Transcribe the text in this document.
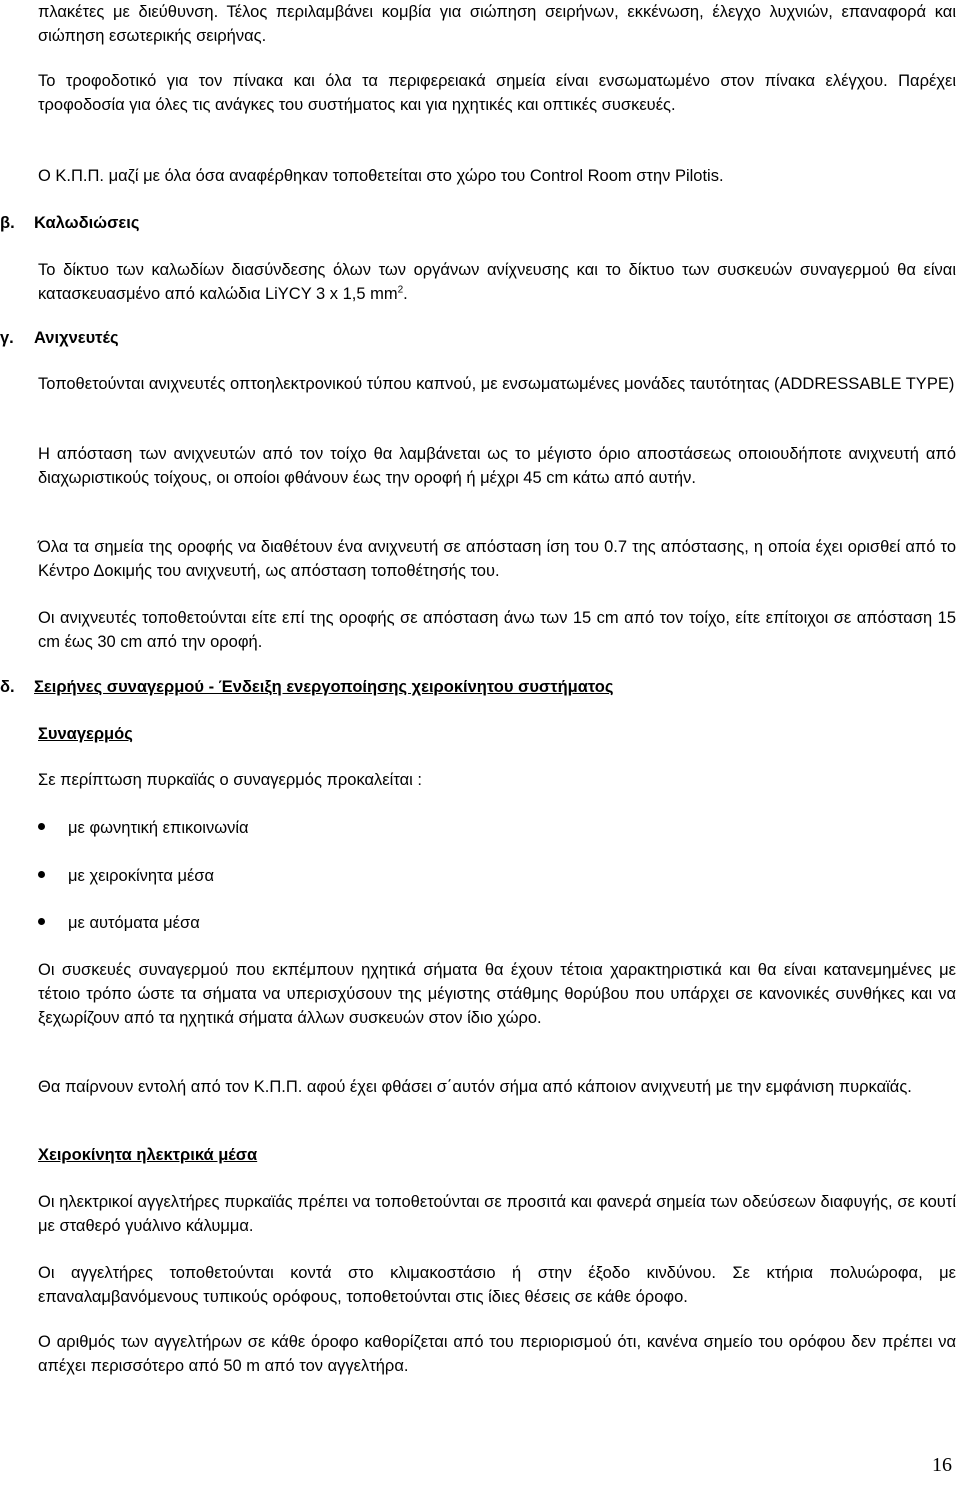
πλακέτες με διεύθυνση. Τέλος περιλαμβάνει κομβία για σιώπηση σειρήνων, εκκένωση, έλεγχο λυχνιών, επαναφορά και σιώπηση εσωτερικής σειρήνας.

Το τροφοδοτικό για τον πίνακα και όλα τα περιφερειακά σημεία είναι ενσωματωμένο στον πίνακα ελέγχου. Παρέχει τροφοδοσία για όλες τις ανάγκες του συστήματος και για ηχητικές και οπτικές συσκευές.

Ο Κ.Π.Π. μαζί με όλα όσα αναφέρθηκαν τοποθετείται στο χώρο του Control Room στην Pilotis.

β. Καλωδιώσεις

Το δίκτυο των καλωδίων διασύνδεσης όλων των οργάνων ανίχνευσης και το δίκτυο των συσκευών συναγερμού θα είναι κατασκευασμένο από καλώδια LiYCY 3 x 1,5 $mm^2$.

γ. Ανιχνευτές

Τοποθετούνται ανιχνευτές οπτοηλεκτρονικού τύπου καπνού, με ενσωματωμένες μονάδες ταυτότητας (ADDRESSABLE TYPE)

Η απόσταση των ανιχνευτών από τον τοίχο θα λαμβάνεται ως το μέγιστο όριο αποστάσεως οποιουδήποτε ανιχνευτή από διαχωριστικούς τοίχους, οι οποίοι φθάνουν έως την οροφή ή μέχρι 45 cm κάτω από αυτήν.

Όλα τα σημεία της οροφής να διαθέτουν ένα ανιχνευτή σε απόσταση ίση του 0.7 της απόστασης, η οποία έχει ορισθεί από το Κέντρο Δοκιμής του ανιχνευτή, ως απόσταση τοποθέτησής του.

Οι ανιχνευτές τοποθετούνται είτε επί της οροφής σε απόσταση άνω των 15 cm από τον τοίχο, είτε επίτοιχοι σε απόσταση 15 cm έως 30 cm από την οροφή.

δ. Σειρήνες συναγερμού - Ένδειξη ενεργοποίησης χειροκίνητου συστήματος

Συναγερμός

Σε περίπτωση πυρκαϊάς ο συναγερμός προκαλείται :

με φωνητική επικοινωνία

με χειροκίνητα μέσα

με αυτόματα μέσα

Οι συσκευές συναγερμού που εκπέμπουν ηχητικά σήματα θα έχουν τέτοια χαρακτηριστικά και θα είναι κατανεμημένες με τέτοιο τρόπο ώστε τα σήματα να υπερισχύσουν της μέγιστης στάθμης θορύβου που υπάρχει σε κανονικές συνθήκες και να ξεχωρίζουν από τα ηχητικά σήματα άλλων συσκευών στον ίδιο χώρο.

Θα παίρνουν εντολή από τον Κ.Π.Π. αφού έχει φθάσει σ΄αυτόν σήμα από κάποιον ανιχνευτή με την εμφάνιση πυρκαϊάς.

Χειροκίνητα ηλεκτρικά μέσα

Οι ηλεκτρικοί αγγελτήρες πυρκαϊάς πρέπει να τοποθετούνται σε προσιτά και φανερά σημεία των οδεύσεων διαφυγής, σε κουτί με σταθερό γυάλινο κάλυμμα.

Οι αγγελτήρες τοποθετούνται κοντά στο κλιμακοστάσιο ή στην έξοδο κινδύνου. Σε κτήρια πολυώροφα, με επαναλαμβανόμενους τυπικούς ορόφους, τοποθετούνται στις ίδιες θέσεις σε κάθε όροφο.

Ο αριθμός των αγγελτήρων σε κάθε όροφο καθορίζεται από του περιορισμού ότι, κανένα σημείο του ορόφου δεν πρέπει να απέχει περισσότερο από 50 m από τον αγγελτήρα.

16
